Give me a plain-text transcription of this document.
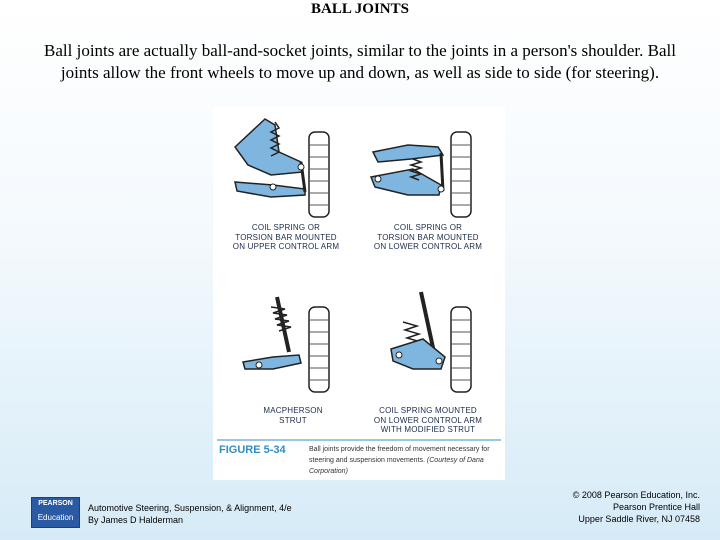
BALL JOINTS
Ball joints are actually ball-and-socket joints, similar to the joints in a person's shoulder. Ball joints allow the front wheels to move up and down, as well as side to side (for steering).
COIL SPRING OR
TORSION BAR MOUNTED
ON UPPER CONTROL ARM
COIL SPRING OR
TORSION BAR MOUNTED
ON LOWER CONTROL ARM
MACPHERSON
STRUT
COIL SPRING MOUNTED
ON LOWER CONTROL ARM
WITH MODIFIED STRUT
FIGURE 5-34	Ball joints provide the freedom of movement necessary for steering and suspension movements. (Courtesy of Dana Corporation)
PEARSON
Education
Automotive Steering, Suspension, & Alignment, 4/e
By James D Halderman
© 2008 Pearson Education, Inc.
Pearson Prentice Hall
Upper Saddle River, NJ 07458
